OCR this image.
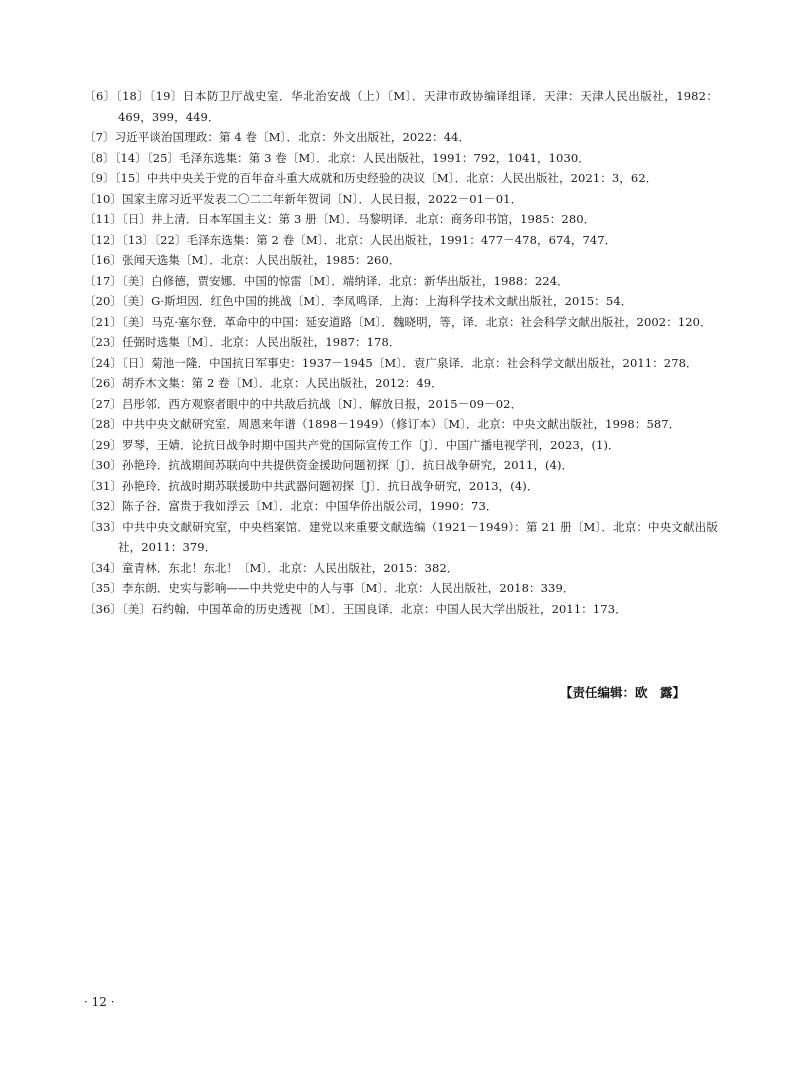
〔6〕〔18〕〔19〕日本防卫厅战史室．华北治安战（上）〔M〕．天津市政协编译组译．天津：天津人民出版社，1982：469，399，449．
〔7〕习近平谈治国理政：第 4 卷〔M〕．北京：外文出版社，2022：44．
〔8〕〔14〕〔25〕毛泽东选集：第 3 卷〔M〕．北京：人民出版社，1991：792，1041，1030．
〔9〕〔15〕中共中央关于党的百年奋斗重大成就和历史经验的决议〔M〕．北京：人民出版社，2021：3，62．
〔10〕国家主席习近平发表二〇二二年新年贺词〔N〕．人民日报，2022－01－01．
〔11〕〔日〕井上清．日本军国主义：第 3 册〔M〕．马黎明译．北京：商务印书馆，1985：280．
〔12〕〔13〕〔22〕毛泽东选集：第 2 卷〔M〕．北京：人民出版社，1991：477－478，674，747．
〔16〕张闻天选集〔M〕．北京：人民出版社，1985：260．
〔17〕〔美〕白修德，贾安娜．中国的惊雷〔M〕．端纳译．北京：新华出版社，1988：224．
〔20〕〔美〕G·斯坦因．红色中国的挑战〔M〕．李凤鸣译．上海：上海科学技术文献出版社，2015：54．
〔21〕〔美〕马克·塞尔登．革命中的中国：延安道路〔M〕．魏晓明，等，译．北京：社会科学文献出版社，2002：120．
〔23〕任弼时选集〔M〕．北京：人民出版社，1987：178．
〔24〕〔日〕菊池一隆．中国抗日军事史：1937－1945〔M〕．袁广泉译．北京：社会科学文献出版社，2011：278．
〔26〕胡乔木文集：第 2 卷〔M〕．北京：人民出版社，2012：49．
〔27〕吕彤邻．西方观察者眼中的中共敌后抗战〔N〕．解放日报，2015－09－02．
〔28〕中共中央文献研究室．周恩来年谱（1898－1949）（修订本）〔M〕．北京：中央文献出版社，1998：587．
〔29〕罗琴，王婧．论抗日战争时期中国共产党的国际宣传工作〔J〕．中国广播电视学刊，2023，(1)．
〔30〕孙艳玲．抗战期间苏联向中共提供资金援助问题初探〔J〕．抗日战争研究，2011，(4)．
〔31〕孙艳玲．抗战时期苏联援助中共武器问题初探〔J〕．抗日战争研究，2013，(4)．
〔32〕陈子谷．富贵于我如浮云〔M〕．北京：中国华侨出版公司，1990：73．
〔33〕中共中央文献研究室，中央档案馆．建党以来重要文献选编（1921－1949）：第 21 册〔M〕．北京：中央文献出版社，2011：379．
〔34〕童青林．东北！东北！〔M〕．北京：人民出版社，2015：382．
〔35〕李东朗．史实与影响——中共党史中的人与事〔M〕．北京：人民出版社，2018：339．
〔36〕〔美〕石约翰．中国革命的历史透视〔M〕．王国良译．北京：中国人民大学出版社，2011：173．
【责任编辑：欧　露】
· 12 ·
